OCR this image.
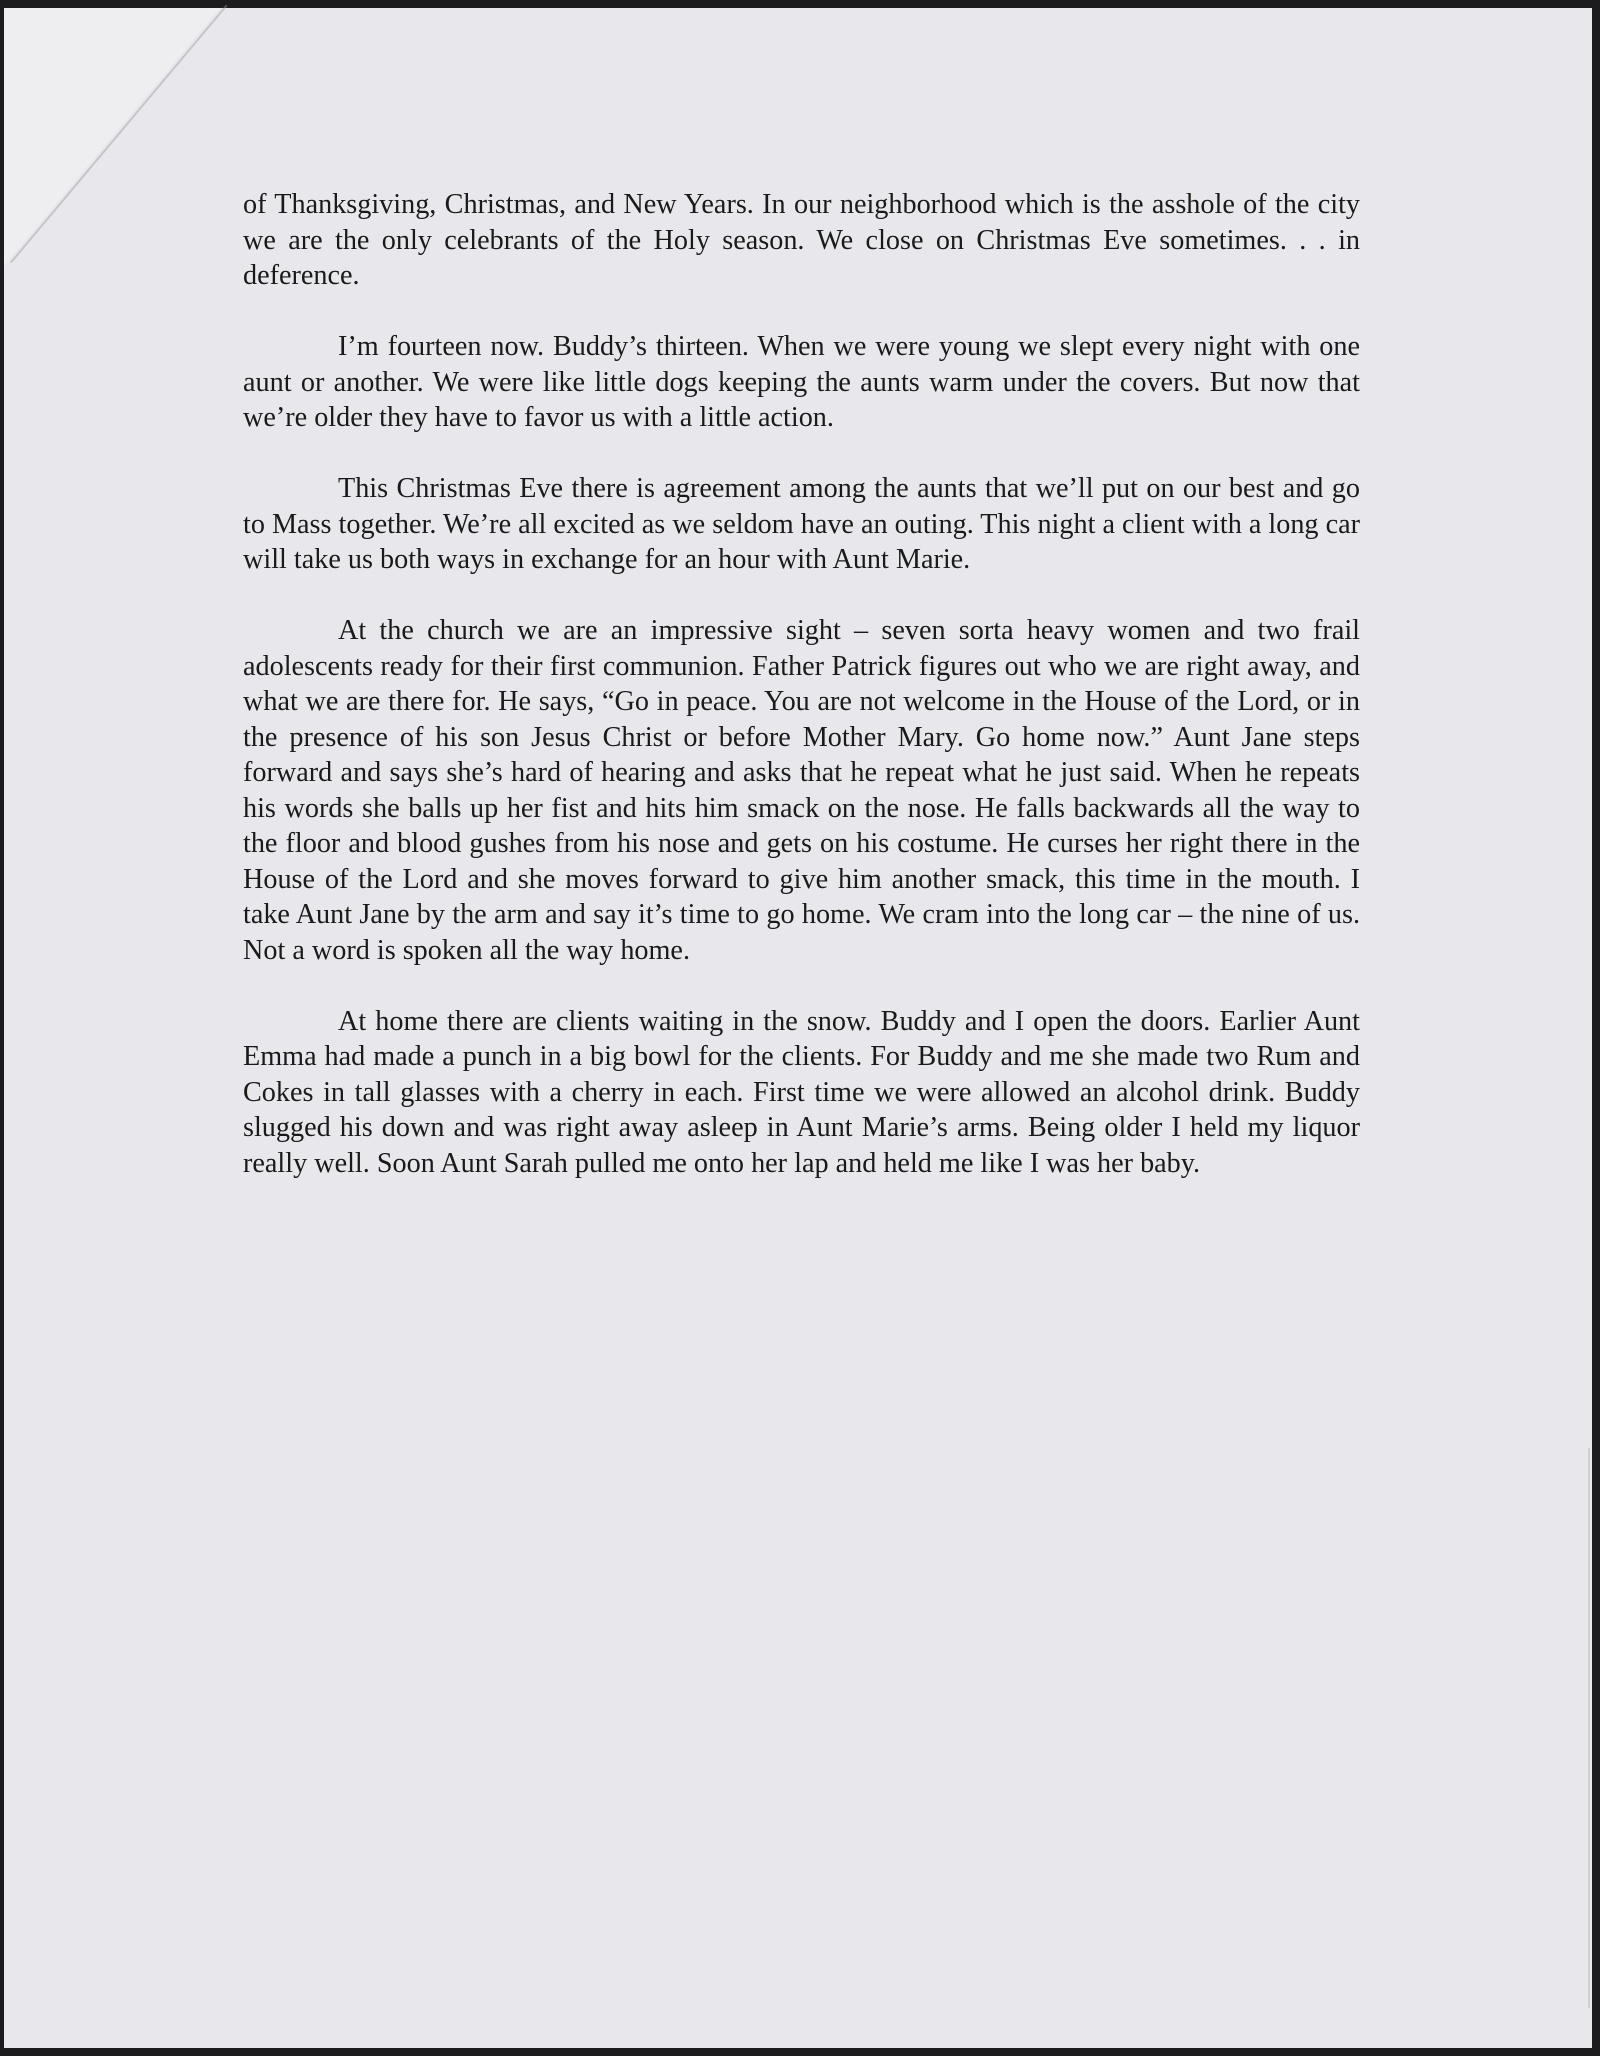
of Thanksgiving, Christmas, and New Years. In our neighborhood which is the asshole of the city we are the only celebrants of the Holy season. We close on Christmas Eve sometimes. . . in deference.

I’m fourteen now. Buddy’s thirteen. When we were young we slept every night with one aunt or another. We were like little dogs keeping the aunts warm under the covers. But now that we’re older they have to favor us with a little action.

This Christmas Eve there is agreement among the aunts that we’ll put on our best and go to Mass together. We’re all excited as we seldom have an outing. This night a client with a long car will take us both ways in exchange for an hour with Aunt Marie.

At the church we are an impressive sight – seven sorta heavy women and two frail adolescents ready for their first communion. Father Patrick figures out who we are right away, and what we are there for. He says, “Go in peace. You are not welcome in the House of the Lord, or in the presence of his son Jesus Christ or before Mother Mary. Go home now.” Aunt Jane steps forward and says she’s hard of hearing and asks that he repeat what he just said. When he repeats his words she balls up her fist and hits him smack on the nose. He falls backwards all the way to the floor and blood gushes from his nose and gets on his costume. He curses her right there in the House of the Lord and she moves forward to give him another smack, this time in the mouth. I take Aunt Jane by the arm and say it’s time to go home. We cram into the long car – the nine of us. Not a word is spoken all the way home.

At home there are clients waiting in the snow. Buddy and I open the doors. Earlier Aunt Emma had made a punch in a big bowl for the clients. For Buddy and me she made two Rum and Cokes in tall glasses with a cherry in each. First time we were allowed an alcohol drink. Buddy slugged his down and was right away asleep in Aunt Marie’s arms. Being older I held my liquor really well. Soon Aunt Sarah pulled me onto her lap and held me like I was her baby.
